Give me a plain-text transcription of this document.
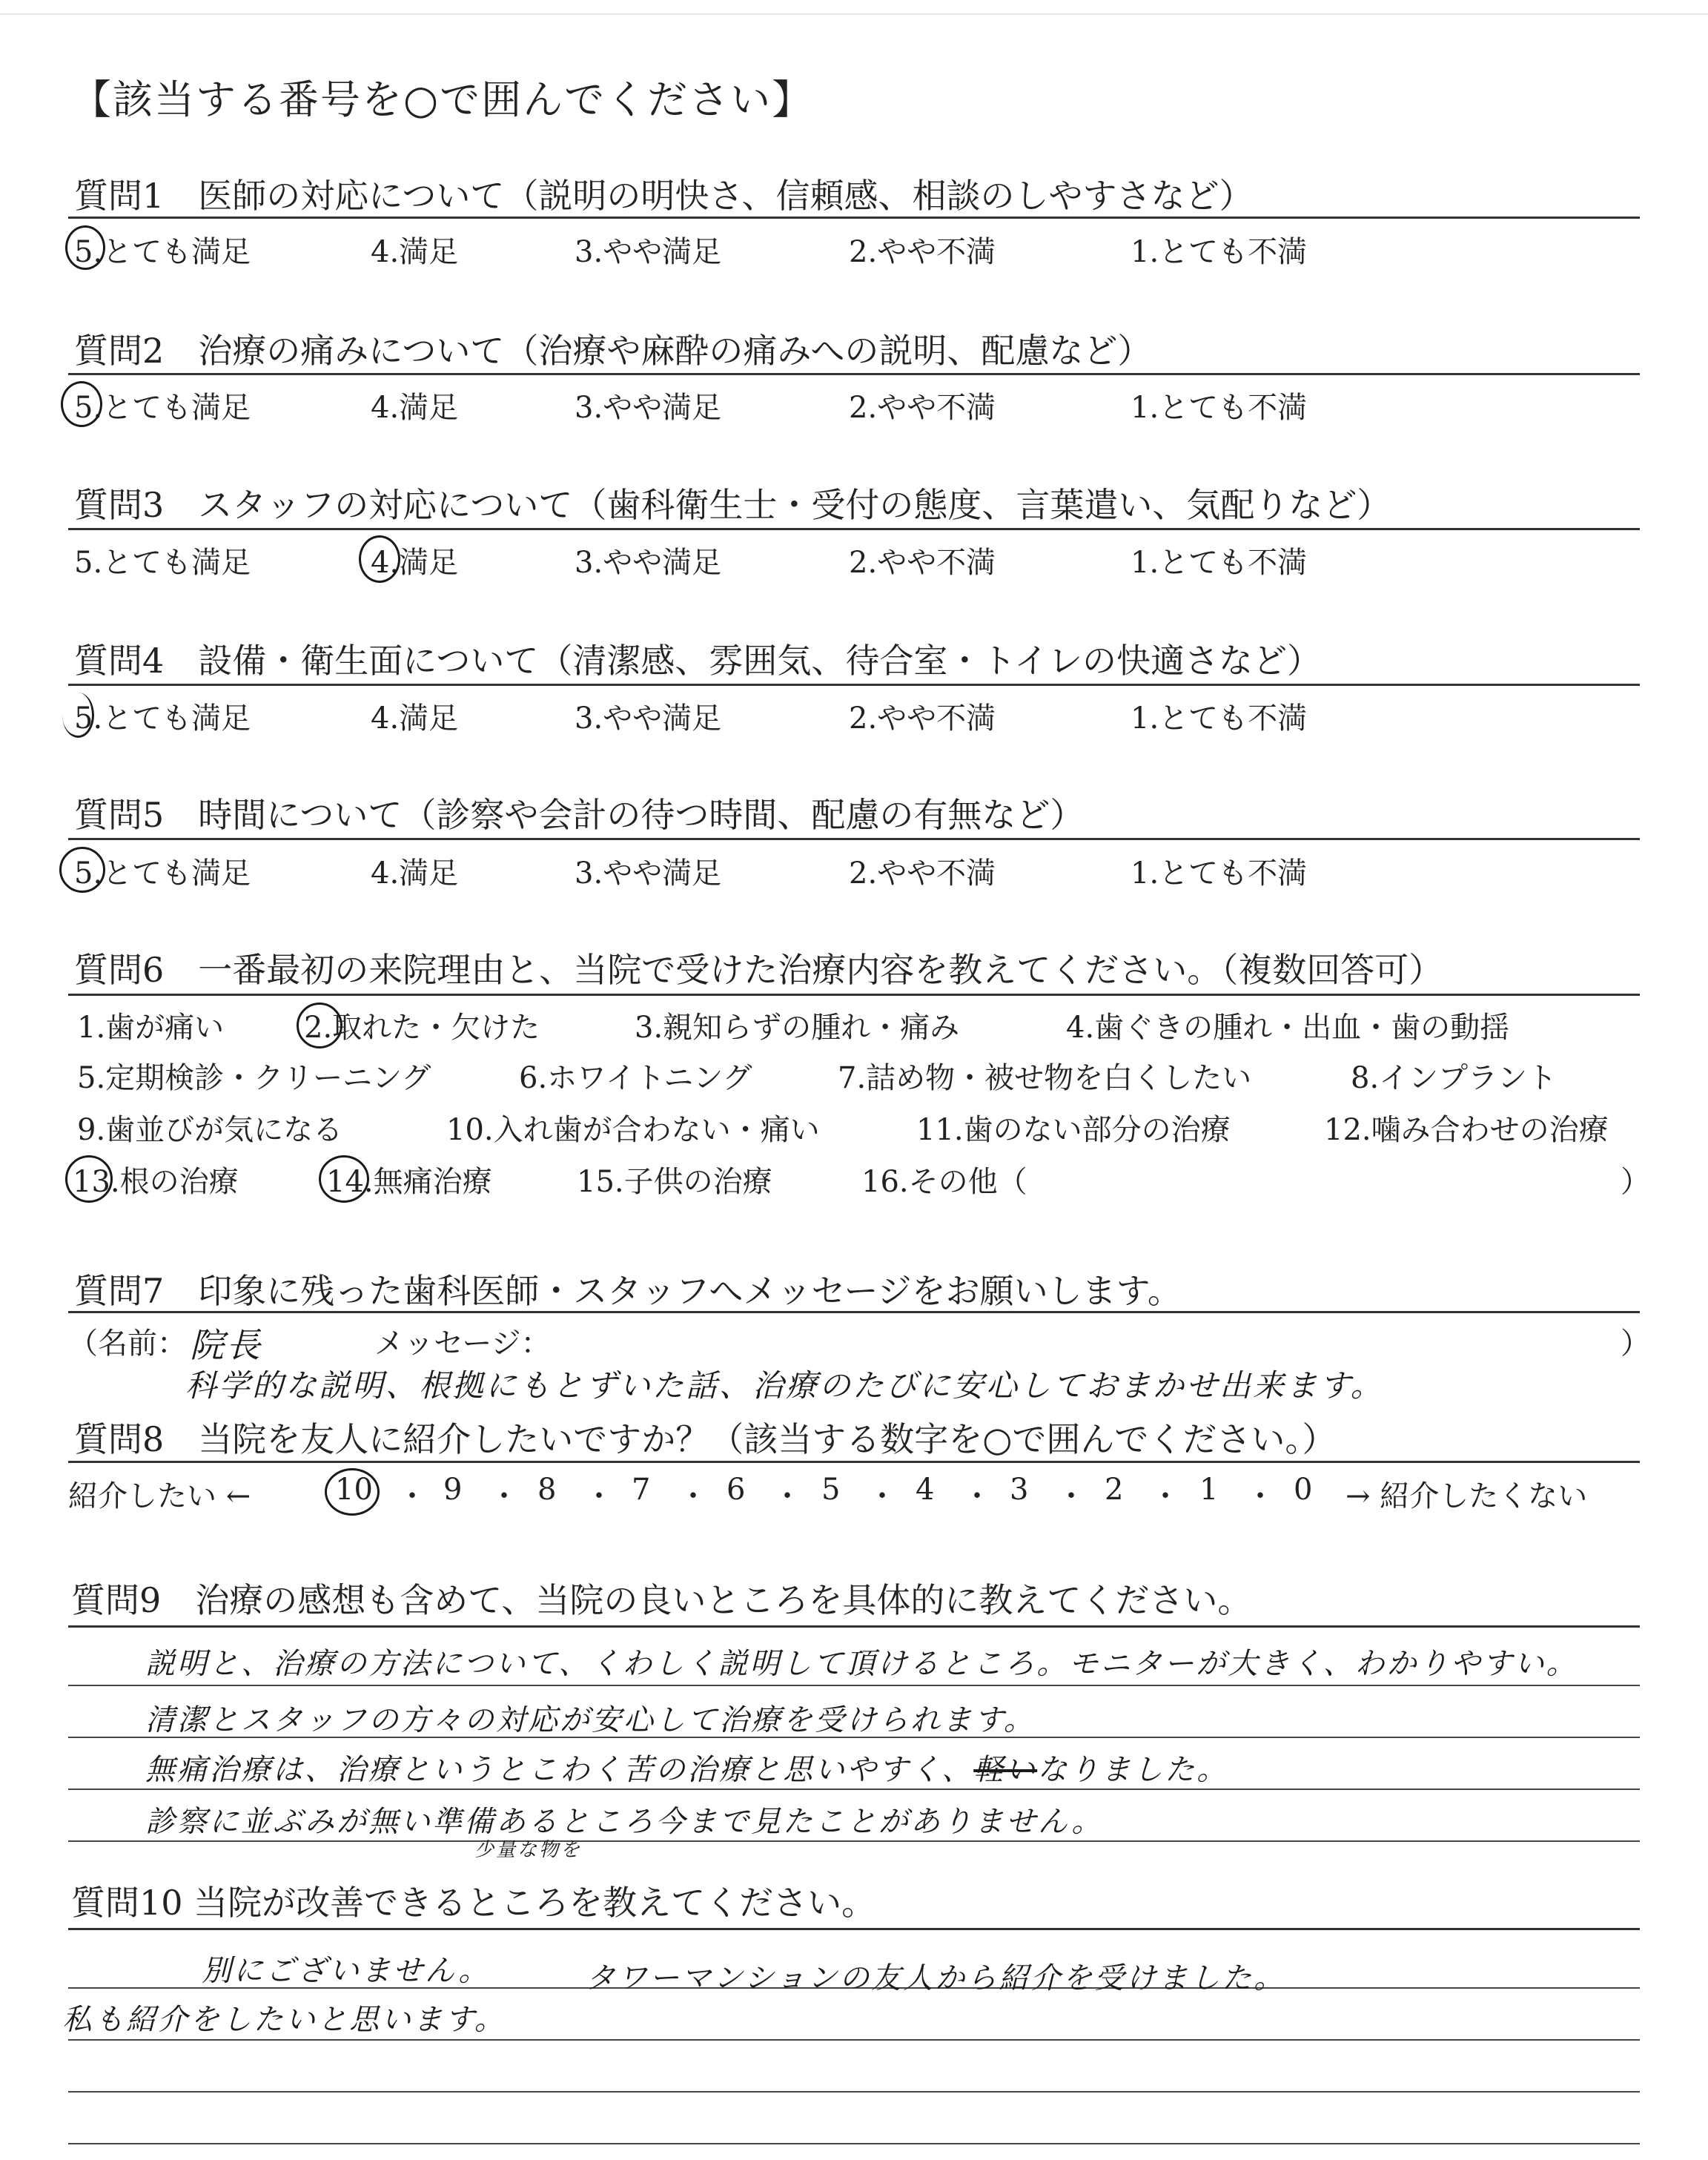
【該当する番号を○で囲んでください】
質問1　医師の対応について（説明の明快さ、信頼感、相談のしやすさなど）
5.とても満足	4.満足	3.やや満足	2.やや不満	1.とても不満
質問2　治療の痛みについて（治療や麻酔の痛みへの説明、配慮など）
5.とても満足	4.満足	3.やや満足	2.やや不満	1.とても不満
質問3　スタッフの対応について（歯科衛生士・受付の態度、言葉遣い、気配りなど）
5.とても満足	4.満足	3.やや満足	2.やや不満	1.とても不満
質問4　設備・衛生面について（清潔感、雰囲気、待合室・トイレの快適さなど）
5.とても満足	4.満足	3.やや満足	2.やや不満	1.とても不満
質問5　時間について（診察や会計の待つ時間、配慮の有無など）
5.とても満足	4.満足	3.やや満足	2.やや不満	1.とても不満
質問6　一番最初の来院理由と、当院で受けた治療内容を教えてください。（複数回答可）
1.歯が痛い	2.取れた・欠けた	3.親知らずの腫れ・痛み	4.歯ぐきの腫れ・出血・歯の動揺
5.定期検診・クリーニング	6.ホワイトニング	7.詰め物・被せ物を白くしたい	8.インプラント
9.歯並びが気になる	10.入れ歯が合わない・痛い	11.歯のない部分の治療	12.噛み合わせの治療
13.根の治療	14.無痛治療	15.子供の治療	16.その他（	）
質問7　印象に残った歯科医師・スタッフへメッセージをお願いします。
（名前： 院長	メッセージ：	）
科学的な説明、根拠にもとずいた話、治療のたびに安心しておまかせ出来ます。
質問8　当院を友人に紹介したいですか？（該当する数字を○で囲んでください。）
紹介したい ←	10 ・ 9 ・ 8 ・ 7 ・ 6 ・ 5 ・ 4 ・ 3 ・ 2 ・ 1 ・ 0 → 紹介したくない
質問9　治療の感想も含めて、当院の良いところを具体的に教えてください。
説明と、治療の方法について、くわしく説明して頂けるところ。モニターが大きく、わかりやすい。
清潔とスタッフの方々の対応が安心して治療を受けられます。
無痛治療は、治療というとこわく苦の治療と思いやすく、軽いなりました。
少量な物を
診察に並ぶみが無い準備あるところ今まで見たことがありません。
質問10 当院が改善できるところを教えてください。
別にございません。	タワーマンションの友人から紹介を受けました。
私も紹介をしたいと思います。
